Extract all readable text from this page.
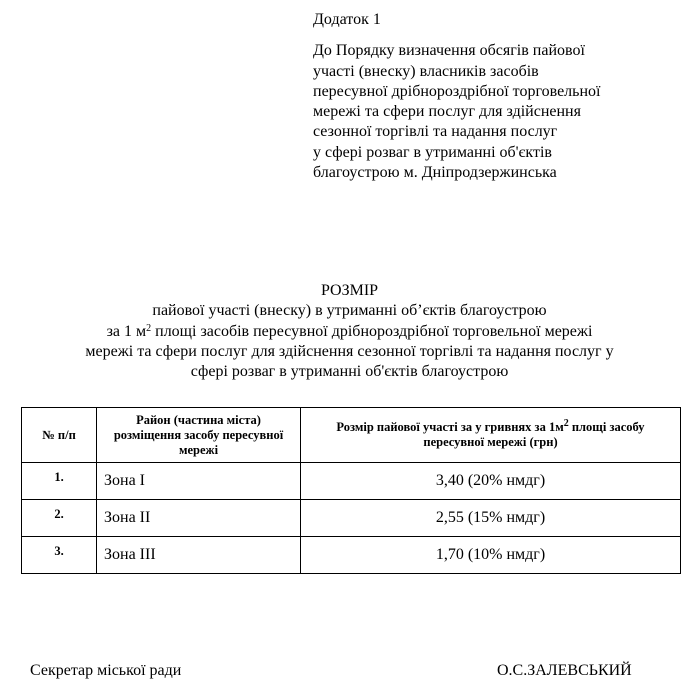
Додаток 1
До Порядку визначення обсягів пайової
участі (внеску) власників засобів
пересувної дрібнороздрібної торговельної
мережі та сфери послуг для здійснення
сезонної торгівлі та надання послуг
у сфері розваг в утриманні об'єктів
благоустрою м. Дніпродзержинська
РОЗМІР
пайової участі (внеску) в утриманні об’єктів благоустрою
за 1 $м^2$ площі засобів пересувної дрібнороздрібної торговельної мережі
мережі та сфери послуг для здійснення сезонної торгівлі та надання послуг у
сфері розваг в утриманні об'єктів благоустрою
№ п/п	Район (частина міста) розміщення засобу пересувної мережі	Розмір пайової участі за у гривнях за $1м^2$ площі засобу пересувної мережі (грн)
1.	Зона I	3,40 (20% нмдг)
2.	Зона II	2,55 (15% нмдг)
3.	Зона III	1,70 (10% нмдг)
Секретар міської ради	О.С.ЗАЛЕВСЬКИЙ
